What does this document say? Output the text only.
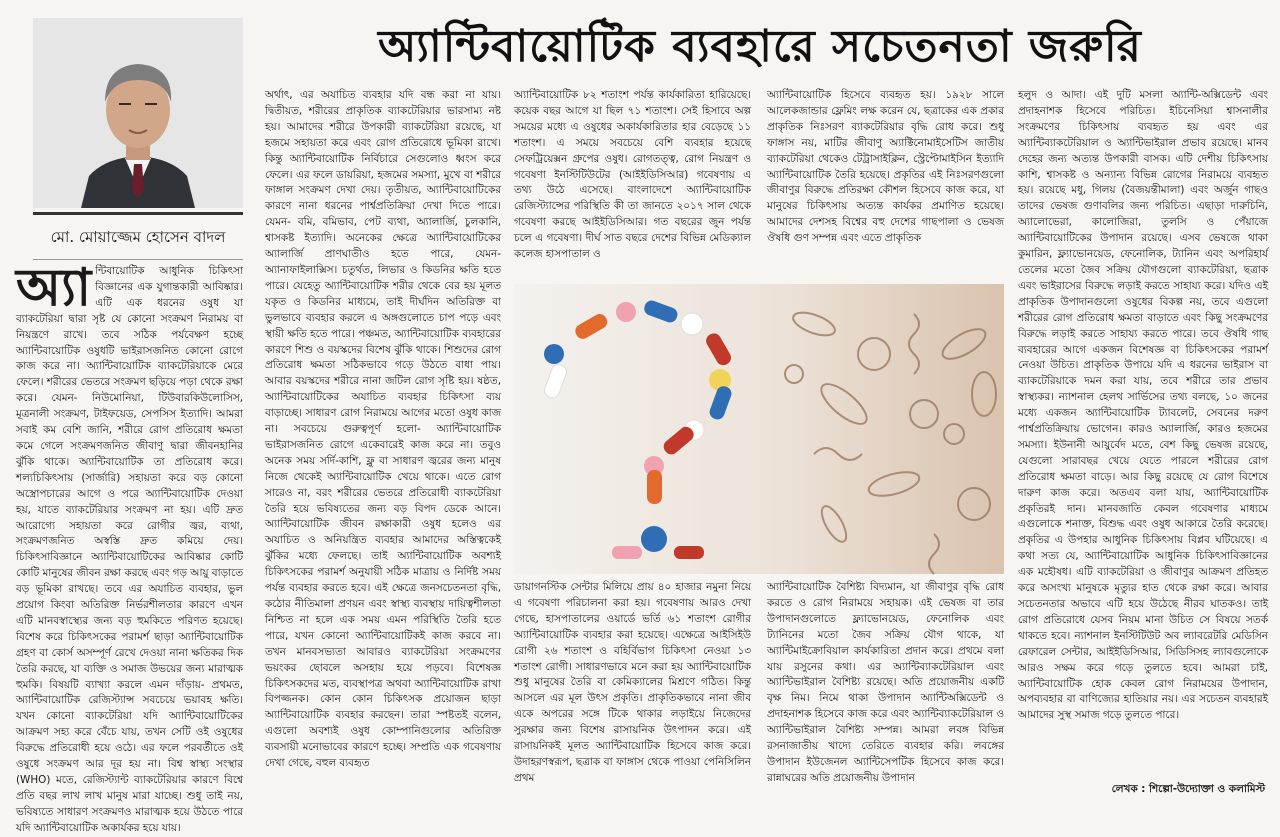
অ্যান্টিবায়োটিক ব্যবহারে সচেতনতা জরুরি
মো. মোয়াজ্জেম হোসেন বাদল
অ্যা ন্টিবায়োটিক আধুনিক চিকিৎসা বিজ্ঞানের এক যুগান্তকারী আবিষ্কার। এটি এক ধরনের ওষুধ যা ব্যাকটেরিয়া দ্বারা সৃষ্ট যে কোনো সংক্রমণ নিরাময় বা নিয়ন্ত্রণে রাখে। তবে সঠিক পর্যবেক্ষণ হচ্ছে অ্যান্টিবায়োটিক ওষুধটি ভাইরাসজনিত কোনো রোগে কাজ করে না। অ্যান্টিবায়োটিক ব্যাকটেরিয়াকে মেরে ফেলে। শরীরের ভেতরে সংক্রমণ ছড়িয়ে পড়া থেকে রক্ষা করে। যেমন- নিউমোনিয়া, টিউবারকিউলোসিস, মূত্রনালী সংক্রমণ, টাইফয়েড, সেপসিস ইত্যাদি। আমরা সবাই কম বেশি জানি, শরীরে রোগ প্রতিরোধ ক্ষমতা কমে গেলে সংক্রমণজনিত জীবাণু দ্বারা জীবনহানির ঝুঁকি থাকে। অ্যান্টিবায়োটিক তা প্রতিরোধ করে। শল্যচিকিৎসায় (সার্জারি) সহায়তা করে বড় কোনো অস্ত্রোপচারের আগে ও পরে অ্যান্টিবায়োটিক দেওয়া হয়, যাতে ব্যাকটেরিয়ার সংক্রমণ না হয়। এটি দ্রুত আরোগ্যে সহায়তা করে রোগীর জ্বর, ব্যথা, সংক্রমণজনিত অস্বস্তি দ্রুত কমিয়ে দেয়। চিকিৎসাবিজ্ঞানে অ্যান্টিবায়োটিকের আবিষ্কার কোটি কোটি মানুষের জীবন রক্ষা করছে এবং গড় আয়ু বাড়াতে বড় ভূমিকা রাখছে। তবে এর অযাচিত ব্যবহার, ভুল প্রয়োগ কিংবা অতিরিক্ত নির্ভরশীলতার কারণে এখন এটি মানবস্বাস্থ্যের জন্য বড় হুমকিতে পরিণত হয়েছে। বিশেষ করে চিকিৎসকের পরামর্শ ছাড়া অ্যান্টিবায়োটিক গ্রহণ বা কোর্স অসম্পূর্ণ রেখে দেওয়া নানা ক্ষতিকর দিক তৈরি করছে, যা ব্যক্তি ও সমাজ উভয়ের জন্য মারাত্মক হুমকি। বিষয়টি ব্যাখ্যা করলে এমন দাঁড়ায়- প্রথমত, অ্যান্টিবায়োটিক রেজিস্ট্যান্স সবচেয়ে ভয়াবহ ক্ষতি। যখন কোনো ব্যাকটেরিয়া যদি অ্যান্টিবায়োটিকের আক্রমণ সহ্য করে বেঁচে যায়, তখন সেটি ওই ওষুধের বিরুদ্ধে প্রতিরোধী হয়ে ওঠে। এর ফলে পরবর্তীতে ওই ওষুধে সংক্রমণ আর দূর হয় না। বিশ্ব স্বাস্থ্য সংস্থার (WHO) মতে, রেজিস্ট্যান্ট ব্যাকটেরিয়ার কারণে বিশ্বে প্রতি বছর লাখ লাখ মানুষ মারা যাচ্ছে। শুধু তাই নয়, ভবিষ্যতে সাধারণ সংক্রমণও মারাত্মক হয়ে উঠতে পারে যদি অ্যান্টিবায়োটিক অকার্যকর হয়ে যায়।

অর্থাৎ, এর অযাচিত ব্যবহার যদি বন্ধ করা না যায়। দ্বিতীয়ত, শরীরের প্রাকৃতিক ব্যাকটেরিয়ার ভারসাম্য নষ্ট হয়। আমাদের শরীরে উপকারী ব্যাকটেরিয়া রয়েছে, যা হজমে সহায়তা করে এবং রোগ প্রতিরোধে ভূমিকা রাখে। কিন্তু অ্যান্টিবায়োটিক নির্বিচারে সেগুলোও ধ্বংস করে ফেলে। এর ফলে ডায়রিয়া, হজমের সমস্যা, মুখে বা শরীরে ফাঙ্গাল সংক্রমণ দেখা দেয়। তৃতীয়ত, অ্যান্টিবায়োটিকের কারণে নানা ধরনের পার্শ্বপ্রতিক্রিয়া দেখা দিতে পারে। যেমন- বমি, বমিভাব, পেট ব্যথা, অ্যালার্জি, চুলকানি, শ্বাসকষ্ট ইত্যাদি। অনেকের ক্ষেত্রে অ্যান্টিবায়োটিকের অ্যালার্জি প্রাণঘাতীও হতে পারে, যেমন- অ্যানাফাইলাক্সিস। চতুর্থত, লিভার ও কিডনির ক্ষতি হতে পারে। যেহেতু অ্যান্টিবায়োটিক শরীর থেকে বের হয় মূলত যকৃত ও কিডনির মাধ্যমে, তাই দীর্ঘদিন অতিরিক্ত বা ভুলভাবে ব্যবহার করলে এ অঙ্গগুলোতে চাপ পড়ে এবং স্থায়ী ক্ষতি হতে পারে। পঞ্চমত, অ্যান্টিবায়োটিক ব্যবহারের কারণে শিশু ও বয়স্কদের বিশেষ ঝুঁকি থাকে। শিশুদের রোগ প্রতিরোধ ক্ষমতা সঠিকভাবে গড়ে উঠতে বাধা পায়। আবার বয়স্কদের শরীরে নানা জটিল রোগ সৃষ্টি হয়। ষষ্ঠত, অ্যান্টিবায়োটিকের অযাচিত ব্যবহার চিকিৎসা ব্যয় বাড়াচ্ছে। সাধারণ রোগ নিরাময়ে আগের মতো ওষুধ কাজ না। সবচেয়ে গুরুত্বপূর্ণ হলো- অ্যান্টিবায়োটিক ভাইরাসজনিত রোগে একেবারেই কাজ করে না। তবুও অনেক সময় সর্দি-কাশি, ফ্লু বা সাধারণ জ্বরের জন্য মানুষ নিজে থেকেই অ্যান্টিবায়োটিক খেয়ে থাকে। এতে রোগ সারেও না, বরং শরীরের ভেতরে প্রতিরোধী ব্যাকটেরিয়া তৈরি হয়ে ভবিষ্যতের জন্য বড় বিপদ ডেকে আনে। অ্যান্টিবায়োটিক জীবন রক্ষাকারী ওষুধ হলেও এর অযাচিত ও অনিয়ন্ত্রিত ব্যবহার আমাদের অস্তিত্বকেই ঝুঁকির মধ্যে ফেলছে। তাই অ্যান্টিবায়োটিক অবশ্যই চিকিৎসকের পরামর্শ অনুযায়ী সঠিক মাত্রায় ও নির্দিষ্ট সময় পর্যন্ত ব্যবহার করতে হবে। এই ক্ষেত্রে জনসচেতনতা বৃদ্ধি, কঠোর নীতিমালা প্রণয়ন এবং স্বাস্থ্য ব্যবস্থায় দায়িত্বশীলতা নিশ্চিত না হলে এক সময় এমন পরিস্থিতি তৈরি হতে পারে, যখন কোনো অ্যান্টিবায়োটিকই কাজ করবে না। তখন মানবসভ্যতা আবারও ব্যাকটেরিয়া সংক্রমণের ভয়ংকর ছোবলে অসহায় হয়ে পড়বে। বিশেষজ্ঞ চিকিৎসকদের মত, ব্যবস্থাপত্র অথবা অ্যান্টিবায়োটিক রাখা বিপজ্জনক। কোন কোন চিকিৎসক প্রয়োজন ছাড়া অ্যান্টিবায়োটিক ব্যবহার করছেন। তারা স্পষ্টতই বলেন, এগুলো অবশ্যই ওষুধ কোম্পানিগুলোর অতিরিক্ত ব্যবসায়ী মনোভাবের কারণে হচ্ছে। সম্প্রতি এক গবেষণায় দেখা গেছে, বহুল ব্যবহৃত

অ্যান্টিবায়োটিক ৮২ শতাংশ পর্যন্ত কার্যকারিতা হারিয়েছে। কয়েক বছর আগে যা ছিল ৭১ শতাংশ। সেই হিসাবে অল্প সময়ের মধ্যে এ ওষুধের অকার্যকারিতার হার বেড়েছে ১১ শতাংশ। এ সময়ে সবচেয়ে বেশি ব্যবহার হয়েছে সেফট্রিয়েক্সন গ্রুপের ওষুধ। রোগতত্ত্ব, রোগ নিয়ন্ত্রণ ও গবেষণা ইনস্টিটিউটের (আইইডিসিআর) গবেষণায় এ তথ্য উঠে এসেছে। বাংলাদেশে অ্যান্টিবায়োটিক রেজিস্ট্যান্সের পরিস্থিতি কী তা জানতে ২০১৭ সাল থেকে গবেষণা করছে আইইডিসিআর। গত বছরের জুন পর্যন্ত চলে এ গবেষণা। দীর্ঘ সাত বছরে দেশের বিভিন্ন মেডিক্যাল কলেজ হাসপাতাল ও

অ্যান্টিবায়োটিক হিসেবে ব্যবহৃত হয়। ১৯২৮ সালে আলেকজান্ডার ফ্লেমিং লক্ষ করেন যে, ছত্রাকের এক প্রকার প্রাকৃতিক নিঃসরণ ব্যাকটেরিয়ার বৃদ্ধি রোধ করে। শুধু ফাঙ্গাস নয়, মাটির জীবাণু অ্যাক্টিনোমাইসেটিস জাতীয় ব্যাকটেরিয়া থেকেও টেট্রাসাইক্লিন, স্ট্রেপ্টোমাইসিন ইত্যাদি অ্যান্টিবায়োটিক তৈরি হয়েছে। প্রকৃতির এই নিঃসরণগুলো জীবাণুর বিরুদ্ধে প্রতিরক্ষা কৌশল হিসেবে কাজ করে, যা মানুষের চিকিৎসায় অত্যন্ত কার্যকর প্রমাণিত হয়েছে। আমাদের দেশসহ বিশ্বের বহু দেশের গাছপালা ও ভেষজ ঔষধি গুণ সম্পন্ন এবং এতে প্রাকৃতিক

ডায়াগনস্টিক সেন্টার মিলিয়ে প্রায় ৪০ হাজার নমুনা নিয়ে এ গবেষণা পরিচালনা করা হয়। গবেষণায় আরও দেখা গেছে, হাসপাতালের ওয়ার্ডে ভর্তি ৬১ শতাংশ রোগীর অ্যান্টিবায়োটিক ব্যবহার করা হয়েছে। এক্ষেত্রে আইসিইউ রোগী ২৬ শতাংশ ও বহির্বিভাগ চিকিৎসা নেওয়া ১৩ শতাংশ রোগী। সাধারণভাবে মনে করা হয় অ্যান্টিবায়োটিক শুধু মানুষের তৈরি বা কেমিক্যালের মিশ্রণে গঠিত। কিন্তু আসলে এর মূল উৎস প্রকৃতি। প্রাকৃতিকভাবে নানা জীব একে অপরের সঙ্গে টিকে থাকার লড়াইয়ে নিজেদের সুরক্ষার জন্য বিশেষ রাসায়নিক উৎপাদন করে। এই রাসায়নিকই মূলত অ্যান্টিবায়োটিক হিসেবে কাজ করে। উদাহরণস্বরূপ, ছত্রাক বা ফাঙ্গাস থেকে পাওয়া পেনিসিলিন প্রথম

অ্যান্টিবায়োটিক বৈশিষ্ট্য বিদ্যমান, যা জীবাণুর বৃদ্ধি রোধ করতে ও রোগ নিরাময়ে সহায়ক। এই ভেষজ বা তার উপাদানগুলোতে ফ্ল্যাভোনয়েড, ফেনোলিক এবং ট্যানিনের মতো জৈব সক্রিয় যৌগ থাকে, যা অ্যান্টিমাইক্রোবিয়াল কার্যকারিতা প্রদান করে। প্রথমে বলা যায় রসুনের কথা। এর অ্যান্টিব্যাকটেরিয়াল এবং অ্যান্টিভাইরাল বৈশিষ্ট্য রয়েছে। অতি প্রয়োজনীয় একটি বৃক্ষ নিম। নিমে থাকা উপাদান অ্যান্টিঅক্সিডেন্ট ও প্রদাহনাশক হিসেবে কাজ করে এবং অ্যান্টিব্যাকটেরিয়াল ও অ্যান্টিভাইরাল বৈশিষ্ট্য সম্পন্ন। আমরা লবঙ্গ বিভিন্ন রসনাজাতীয় খাদ্যে তেরিতে ব্যবহার করি। লবঙ্গের উপাদান ইউজেনল অ্যান্টিসেপটিক হিসেবে কাজ করে। রান্নাঘরের অতি প্রয়োজনীয় উপাদান

হলুদ ও আদা। এই দুটি মসলা অ্যান্টি-অক্সিডেন্ট এবং প্রদাহনাশক হিসেবে পরিচিত। ইচিনেসিয়া শ্বাসনালীর সংক্রমণের চিকিৎসায় ব্যবহৃত হয় এবং এর অ্যান্টিব্যাকটেরিয়াল ও অ্যান্টিভাইরাল প্রভাব রয়েছে। মানব দেহের জন্য অত্যন্ত উপকারী বাসক। এটি দেশীয় চিকিৎসায় কাশি, শ্বাসকষ্ট ও অন্যান্য বিভিন্ন রোগের নিরাময়ে ব্যবহৃত হয়। রয়েছে মধু, গিলয় (বৈজয়ন্তীমালা) এবং অর্জুন গাছও তাদের ভেষজ গুণাবলির জন্য পরিচিত। এছাড়া দারুচিনি, অ্যালোভেরা, কালোজিরা, তুলসি ও পেঁয়াজে অ্যান্টিবায়োটিকের উপাদান রয়েছে। এসব ভেষজে থাকা কুমারিন, ফ্ল্যাভোনয়েড, ফেনোলিক, ট্যানিন এবং অপরিহার্য তেলের মতো জৈব সক্রিয় যৌগগুলো ব্যাকটেরিয়া, ছত্রাক এবং ভাইরাসের বিরুদ্ধে লড়াই করতে সাহায্য করে। যদিও এই প্রাকৃতিক উপাদানগুলো ওষুধের বিকল্প নয়, তবে এগুলো শরীরের রোগ প্রতিরোধ ক্ষমতা বাড়াতে এবং কিছু সংক্রমণের বিরুদ্ধে লড়াই করতে সাহায্য করতে পারে। তবে ঔষধি গাছ ব্যবহারের আগে একজন বিশেষজ্ঞ বা চিকিৎসকের পরামর্শ নেওয়া উচিত। প্রাকৃতিক উপায়ে যদি এ ধরনের ভাইরাস বা ব্যাকটেরিয়াকে দমন করা যায়, তবে শরীরে তার প্রভাব স্বাস্থ্যকর। ন্যাশনাল হেলথ সার্ভিসের তথ্য বলছে, ১০ জনের মধ্যে একজন অ্যান্টিবায়োটিক ট্যাবলেট, সেবনের দরুণ পার্শ্বপ্রতিক্রিয়ায় ভোগেন। কারও অ্যালার্জি, কারও হজমের সমস্যা। ইউনানী আয়ুর্বেদ মতে, বেশ কিছু ভেষজ রয়েছে, যেগুলো সারাবছর খেয়ে যেতে পারলে শরীরের রোগ প্রতিরোধ ক্ষমতা বাড়ে। আর কিছু রয়েছে যে রোগ বিশেষে দারুণ কাজ করে। অতএব বলা যায়, অ্যান্টিবায়োটিক প্রকৃতিরই দান। মানবজাতি কেবল গবেষণার মাধ্যমে এগুলোকে শনাক্ত, বিশুদ্ধ এবং ওষুধ আকারে তৈরি করেছে। প্রকৃতির এ উপহার আধুনিক চিকিৎসায় বিপ্লব ঘটিয়েছে। এ কথা সত্য যে, অ্যান্টিবায়োটিক আধুনিক চিকিৎসাবিজ্ঞানের এক মহৌষধ। এটি ব্যাকটেরিয়া ও জীবাণুর আক্রমণ প্রতিহত করে অসংখ্য মানুষকে মৃত্যুর হাত থেকে রক্ষা করে। আবার সচেতনতার অভাবে এটি হয়ে উঠেছে নীরব ঘাতকও। তাই রোগ প্রতিরোধে যেসব নিয়ম মানা উচিত সে বিষয়ে সতর্ক থাকতে হবে। ন্যাশনাল ইনস্টিটিউট অব ল্যাবরেটরি মেডিসিন রেফারেল সেন্টার, আইইডিসিআর, সিডিসিসহ ল্যাবগুলোকে আরও সক্ষম করে গড়ে তুলতে হবে। আমরা চাই, অ্যান্টিবায়োটিক হোক কেবল রোগ নিরাময়ের উপাদান, অপব্যবহার বা বাণিজ্যের হাতিয়ার নয়। এর সচেতন ব্যবহারই আমাদের সুস্থ সমাজ গড়ে তুলতে পারে।

লেখক : শিল্পো-উদ্যোক্তা ও কলামিস্ট
